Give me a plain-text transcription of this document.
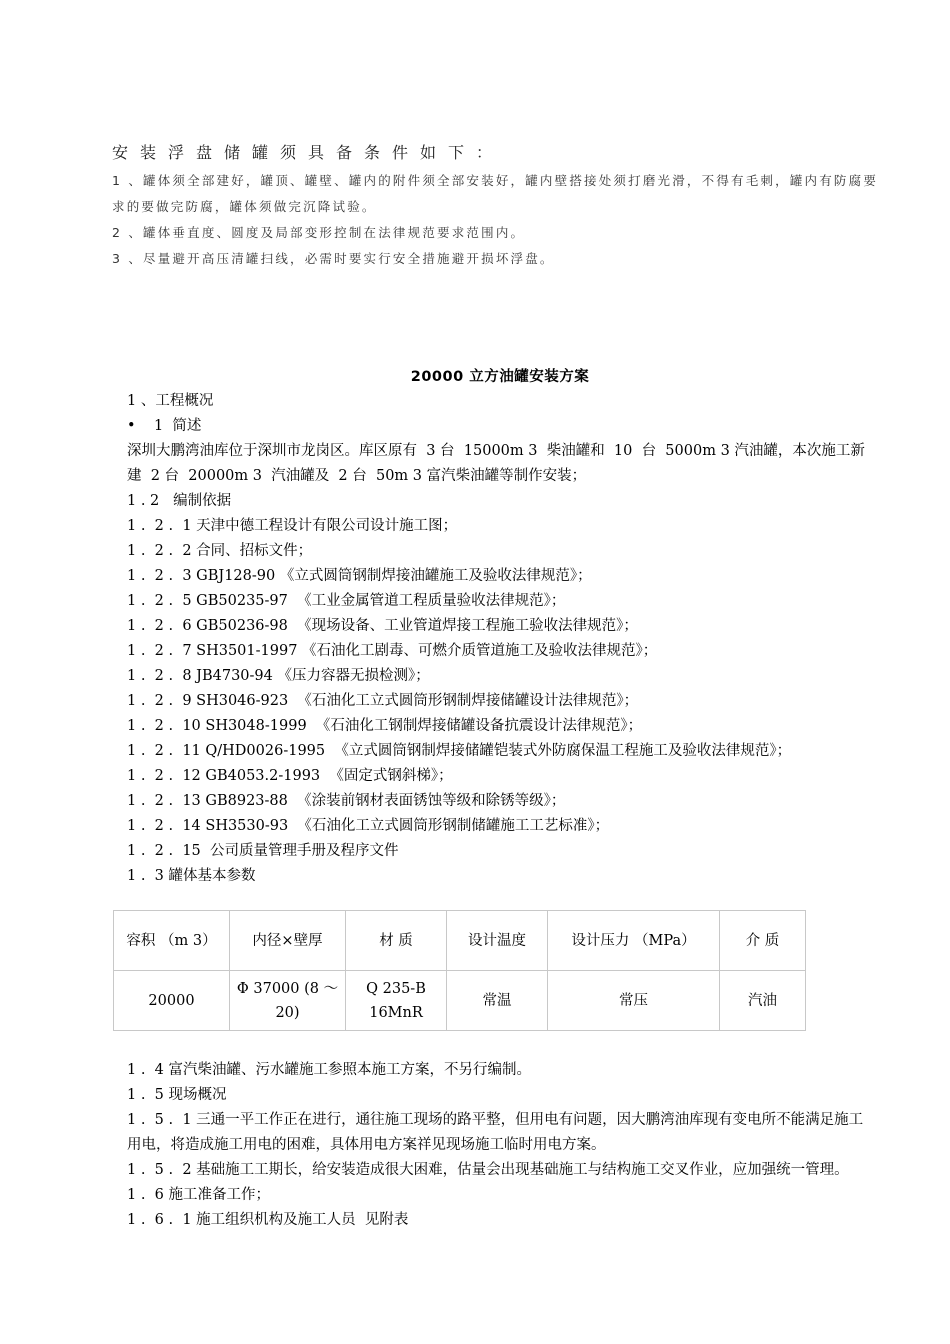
安装浮盘储罐须具备条件如下：

1 、罐体须全部建好，罐顶、罐壁、罐内的附件须全部安装好，罐内壁搭接处须打磨光滑，不得有毛刺，罐内有防腐要求的要做完防腐，罐体须做完沉降试验。

2 、罐体垂直度、圆度及局部变形控制在法律规范要求范围内。

3 、尽量避开高压清罐扫线，必需时要实行安全措施避开损坏浮盘。

20000 立方油罐安装方案

1 、工程概况

•    1  简述

深圳大鹏湾油库位于深圳市龙岗区。库区原有  3 台  15000m 3  柴油罐和  10  台  5000m 3 汽油罐，本次施工新建  2 台  20000m 3  汽油罐及  2 台  50m 3 富汽柴油罐等制作安装；

1 . 2   编制依据

1 .  2 .  1 天津中德工程设计有限公司设计施工图；

1 .  2 .  2 合同、招标文件；

1 .  2 .  3 GBJ128-90 《立式圆筒钢制焊接油罐施工及验收法律规范》；

1 .  2 .  5 GB50235-97  《工业金属管道工程质量验收法律规范》；

1 .  2 .  6 GB50236-98  《现场设备、工业管道焊接工程施工验收法律规范》；

1 .  2 .  7 SH3501-1997 《石油化工剧毒、可燃介质管道施工及验收法律规范》；

1 .  2 .  8 JB4730-94 《压力容器无损检测》；

1 .  2 .  9 SH3046-923  《石油化工立式圆筒形钢制焊接储罐设计法律规范》；

1 .  2 .  10 SH3048-1999  《石油化工钢制焊接储罐设备抗震设计法律规范》；

1 .  2 .  11 Q/HD0026-1995  《立式圆筒钢制焊接储罐铠装式外防腐保温工程施工及验收法律规范》；

1 .  2 .  12 GB4053.2-1993  《固定式钢斜梯》；

1 .  2 .  13 GB8923-88  《涂装前钢材表面锈蚀等级和除锈等级》；

1 .  2 .  14 SH3530-93  《石油化工立式圆筒形钢制储罐施工工艺标准》；

1 .  2 .  15  公司质量管理手册及程序文件

1 .  3 罐体基本参数

容积 （m 3）	内径×壁厚	材 质	设计温度	设计压力 （MPa）	介 质
20000	Φ 37000 (8 ～ 20)	Q 235-B 16MnR	常温	常压	汽油

1 .  4 富汽柴油罐、污水罐施工参照本施工方案，不另行编制。

1 .  5 现场概况

1 .  5 .  1 三通一平工作正在进行，通往施工现场的路平整，但用电有问题，因大鹏湾油库现有变电所不能满足施工用电，将造成施工用电的困难，具体用电方案祥见现场施工临时用电方案。

1 .  5 .  2 基础施工工期长，给安装造成很大困难，估量会出现基础施工与结构施工交叉作业，应加强统一管理。

1 .  6 施工准备工作；

1 .  6 .  1 施工组织机构及施工人员  见附表
